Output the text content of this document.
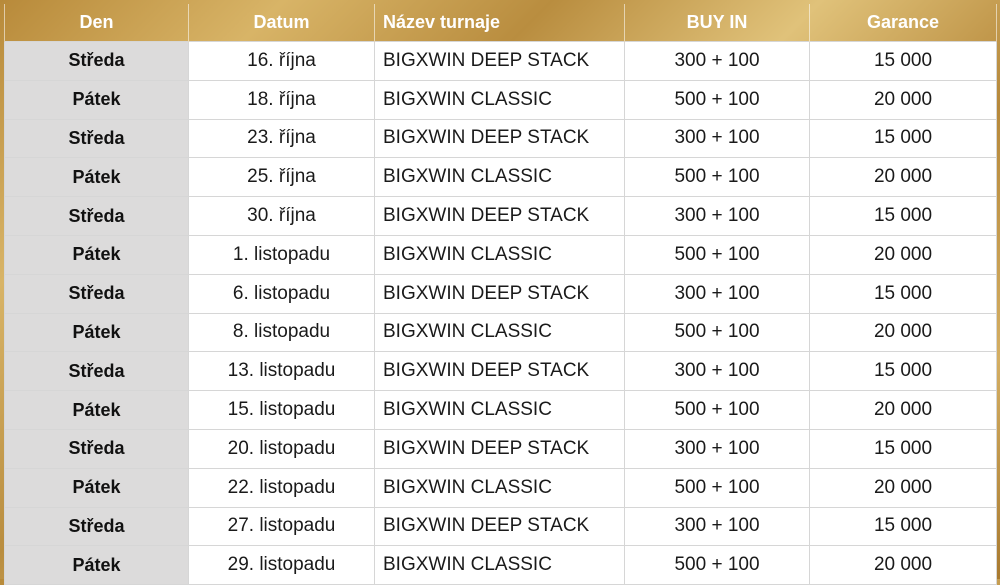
Den	Datum	Název turnaje	BUY IN	Garance
Středa	16. října	BIGXWIN DEEP STACK	300 + 100	15 000
Pátek	18. října	BIGXWIN CLASSIC	500 + 100	20 000
Středa	23. října	BIGXWIN DEEP STACK	300 + 100	15 000
Pátek	25. října	BIGXWIN CLASSIC	500 + 100	20 000
Středa	30. října	BIGXWIN DEEP STACK	300 + 100	15 000
Pátek	1. listopadu	BIGXWIN CLASSIC	500 + 100	20 000
Středa	6. listopadu	BIGXWIN DEEP STACK	300 + 100	15 000
Pátek	8. listopadu	BIGXWIN CLASSIC	500 + 100	20 000
Středa	13. listopadu	BIGXWIN DEEP STACK	300 + 100	15 000
Pátek	15. listopadu	BIGXWIN CLASSIC	500 + 100	20 000
Středa	20. listopadu	BIGXWIN DEEP STACK	300 + 100	15 000
Pátek	22. listopadu	BIGXWIN CLASSIC	500 + 100	20 000
Středa	27. listopadu	BIGXWIN DEEP STACK	300 + 100	15 000
Pátek	29. listopadu	BIGXWIN CLASSIC	500 + 100	20 000
